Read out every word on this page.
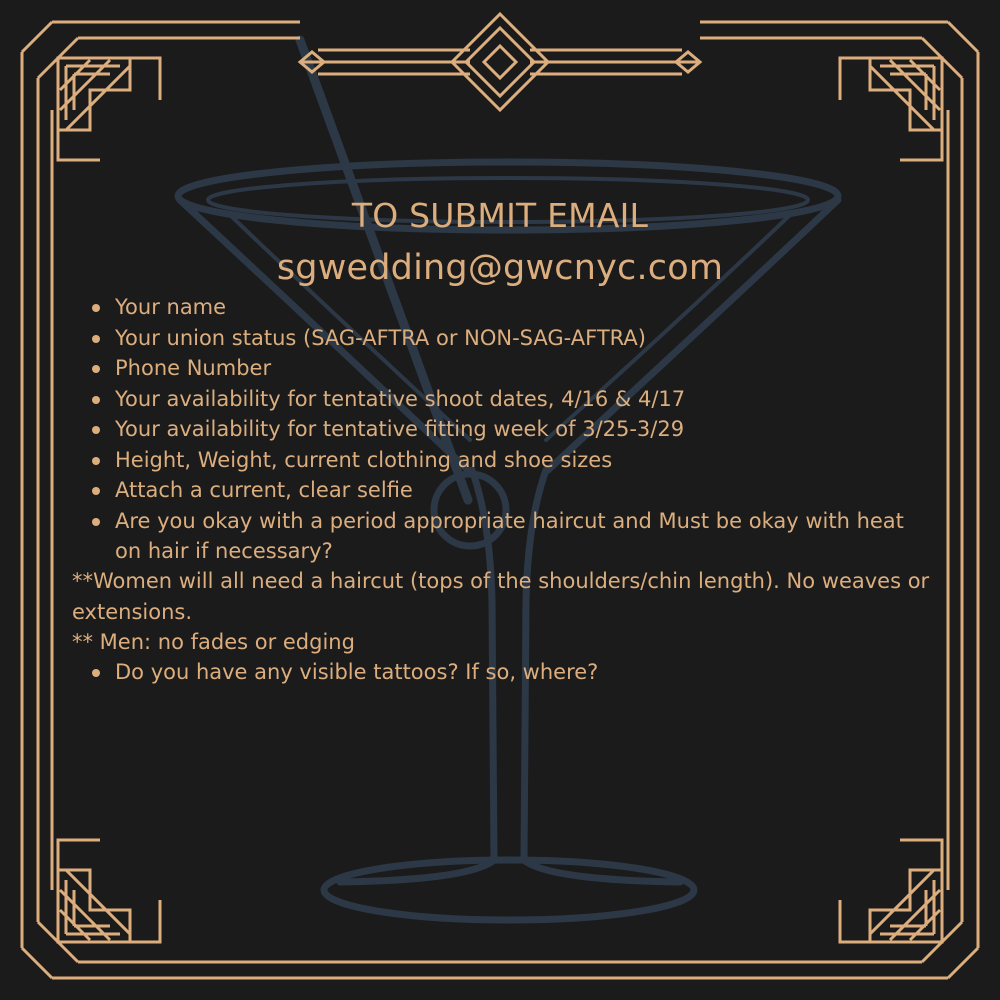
TO SUBMIT EMAIL
sgwedding@gwcnyc.com
Your name
Your union status (SAG-AFTRA or NON-SAG-AFTRA)
Phone Number
Your availability for tentative shoot dates, 4/16 & 4/17
Your availability for tentative fitting week of 3/25-3/29
Height, Weight, current clothing and shoe sizes
Attach a current, clear selfie
Are you okay with a period appropriate haircut and Must be okay with heat on hair if necessary?
**Women will all need a haircut (tops of the shoulders/chin length). No weaves or extensions.
** Men: no fades or edging
Do you have any visible tattoos? If so, where?
